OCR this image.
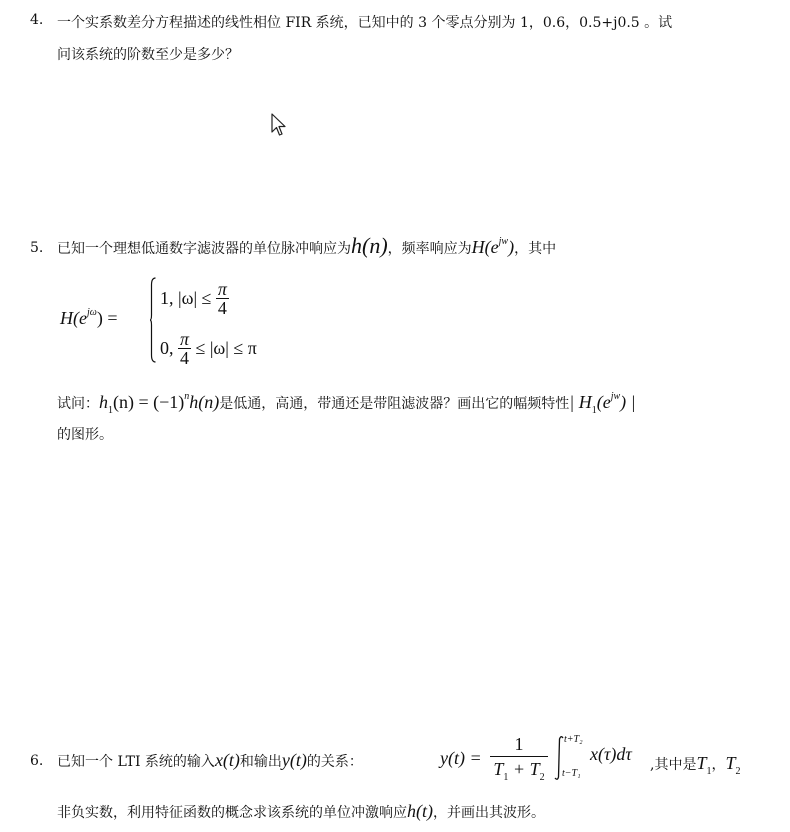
4. 一个实系数差分方程描述的线性相位 FIR 系统，已知中的 3 个零点分别为 1，0.6，0.5+j0.5 。试
问该系统的阶数至少是多少？
5. 已知一个理想低通数字滤波器的单位脉冲响应为h(n)，频率响应为$H(e^{jw})$，其中
$H(e^{j\omega})$ =
1, $|\omega| \le \frac{\pi}{4}$
0, $\frac{\pi}{4} \le |\omega| \le \pi$
试问：$h_1(n) = (-1)^nh(n)$是低通，高通，带通还是带阻滤波器？画出它的幅频特性| $H_1(e^{jw})$ |
的图形。
6. 已知一个 LTI 系统的输入x(t)和输出y(t)的关系：	y(t) =
1
$T_1 + T_2$
t+T₂
t−T₁
x(τ)dτ
,其中是$T_1$，$T_2$
非负实数，利用特征函数的概念求该系统的单位冲激响应h(t)，并画出其波形。
